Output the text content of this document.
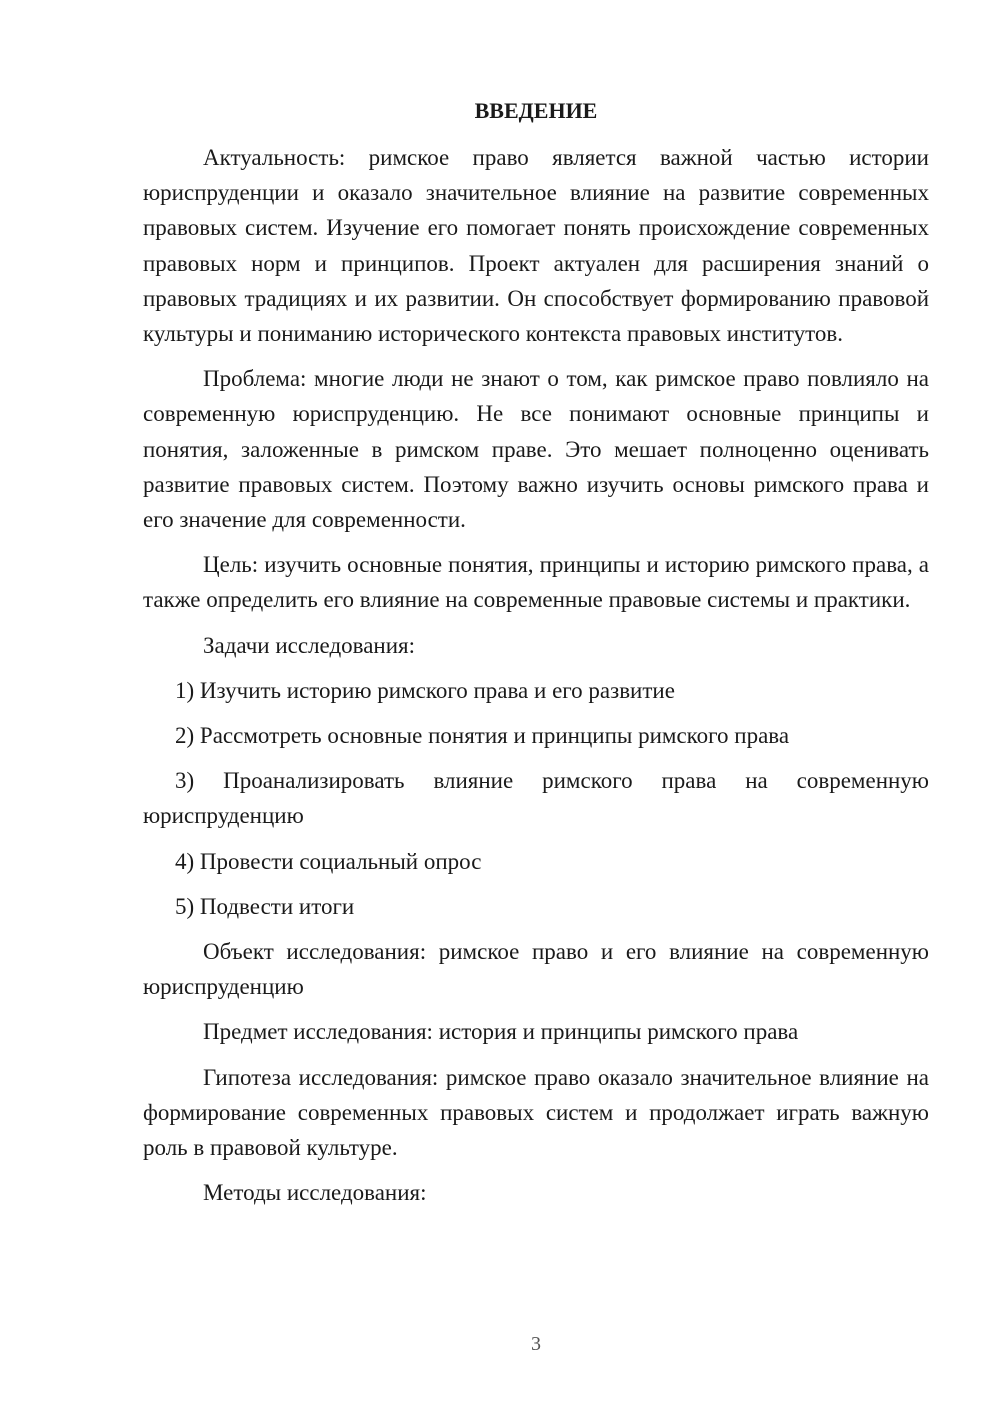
ВВЕДЕНИЕ

Актуальность: римское право является важной частью истории юриспруденции и оказало значительное влияние на развитие современных правовых систем. Изучение его помогает понять происхождение современных правовых норм и принципов. Проект актуален для расширения знаний о правовых традициях и их развитии. Он способствует формированию правовой культуры и пониманию исторического контекста правовых институтов.

Проблема: многие люди не знают о том, как римское право повлияло на современную юриспруденцию. Не все понимают основные принципы и понятия, заложенные в римском праве. Это мешает полноценно оценивать развитие правовых систем. Поэтому важно изучить основы римского права и его значение для современности.

Цель: изучить основные понятия, принципы и историю римского права, а также определить его влияние на современные правовые системы и практики.

Задачи исследования:

1) Изучить историю римского права и его развитие

2) Рассмотреть основные понятия и принципы римского права

3) Проанализировать влияние римского права на современную юриспруденцию

4) Провести социальный опрос

5) Подвести итоги

Объект исследования: римское право и его влияние на современную юриспруденцию

Предмет исследования: история и принципы римского права

Гипотеза исследования: римское право оказало значительное влияние на формирование современных правовых систем и продолжает играть важную роль в правовой культуре.

Методы исследования:

3
